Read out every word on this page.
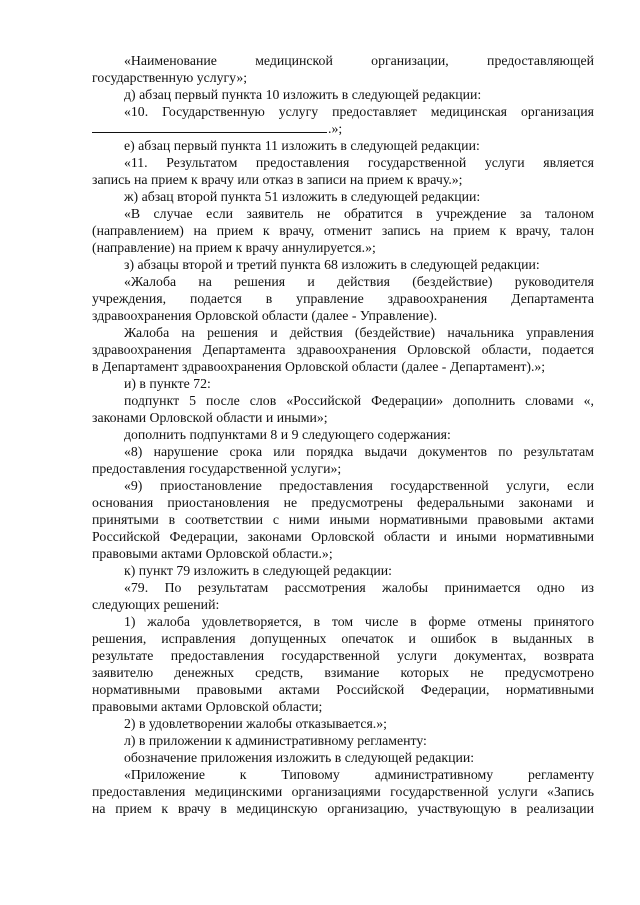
«Наименование медицинской организации, предоставляющей
государственную услугу»;
д) абзац первый пункта 10 изложить в следующей редакции:
«10. Государственную услугу предоставляет медицинская организация
.»;
е) абзац первый пункта 11 изложить в следующей редакции:
«11. Результатом предоставления государственной услуги является
запись на прием к врачу или отказ в записи на прием к врачу.»;
ж) абзац второй пункта 51 изложить в следующей редакции:
«В случае если заявитель не обратится в учреждение за талоном
(направлением) на прием к врачу, отменит запись на прием к врачу, талон
(направление) на прием к врачу аннулируется.»;
з) абзацы второй и третий пункта 68 изложить в следующей редакции:
«Жалоба на решения и действия (бездействие) руководителя
учреждения, подается в управление здравоохранения Департамента
здравоохранения Орловской области (далее - Управление).
Жалоба на решения и действия (бездействие) начальника управления
здравоохранения Департамента здравоохранения Орловской области, подается
в Департамент здравоохранения Орловской области (далее - Департамент).»;
и) в пункте 72:
подпункт 5 после слов «Российской Федерации» дополнить словами «,
законами Орловской области и иными»;
дополнить подпунктами 8 и 9 следующего содержания:
«8) нарушение срока или порядка выдачи документов по результатам
предоставления государственной услуги»;
«9) приостановление предоставления государственной услуги, если
основания приостановления не предусмотрены федеральными законами и
принятыми в соответствии с ними иными нормативными правовыми актами
Российской Федерации, законами Орловской области и иными нормативными
правовыми актами Орловской области.»;
к) пункт 79 изложить в следующей редакции:
«79. По результатам рассмотрения жалобы принимается одно из
следующих решений:
1) жалоба удовлетворяется, в том числе в форме отмены принятого
решения, исправления допущенных опечаток и ошибок в выданных в
результате предоставления государственной услуги документах, возврата
заявителю денежных средств, взимание которых не предусмотрено
нормативными правовыми актами Российской Федерации, нормативными
правовыми актами Орловской области;
2) в удовлетворении жалобы отказывается.»;
л) в приложении к административному регламенту:
обозначение приложения изложить в следующей редакции:
«Приложение к Типовому административному регламенту
предоставления медицинскими организациями государственной услуги «Запись
на прием к врачу в медицинскую организацию, участвующую в реализации
